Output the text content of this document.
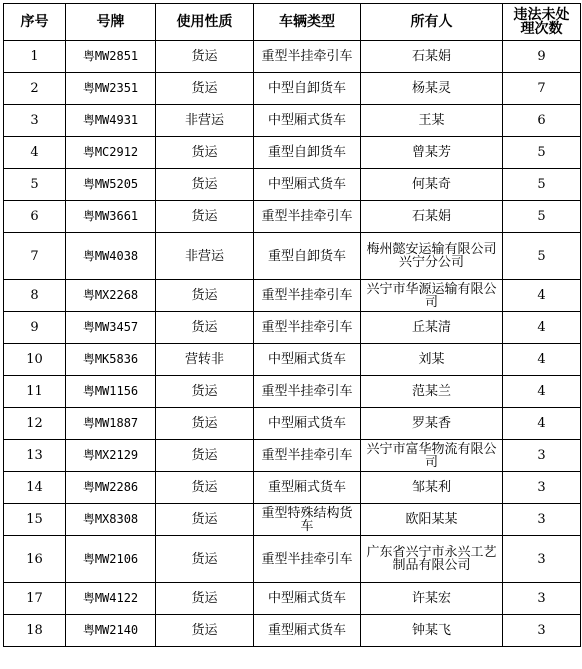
序号	号牌	使用性质	车辆类型	所有人	违法未处理次数
1	粤MW2851	货运	重型半挂牵引车	石某娟	9
2	粤MW2351	货运	中型自卸货车	杨某灵	7
3	粤MW4931	非营运	中型厢式货车	王某	6
4	粤MC2912	货运	重型自卸货车	曾某芳	5
5	粤MW5205	货运	中型厢式货车	何某奇	5
6	粤MW3661	货运	重型半挂牵引车	石某娟	5
7	粤MW4038	非营运	重型自卸货车	梅州懿安运输有限公司兴宁分公司	5
8	粤MX2268	货运	重型半挂牵引车	兴宁市华源运输有限公司	4
9	粤MW3457	货运	重型半挂牵引车	丘某清	4
10	粤MK5836	营转非	中型厢式货车	刘某	4
11	粤MW1156	货运	重型半挂牵引车	范某兰	4
12	粤MW1887	货运	中型厢式货车	罗某香	4
13	粤MX2129	货运	重型半挂牵引车	兴宁市富华物流有限公司	3
14	粤MW2286	货运	重型厢式货车	邹某利	3
15	粤MX8308	货运	重型特殊结构货车	欧阳某某	3
16	粤MW2106	货运	重型半挂牵引车	广东省兴宁市永兴工艺制品有限公司	3
17	粤MW4122	货运	中型厢式货车	许某宏	3
18	粤MW2140	货运	重型厢式货车	钟某飞	3
